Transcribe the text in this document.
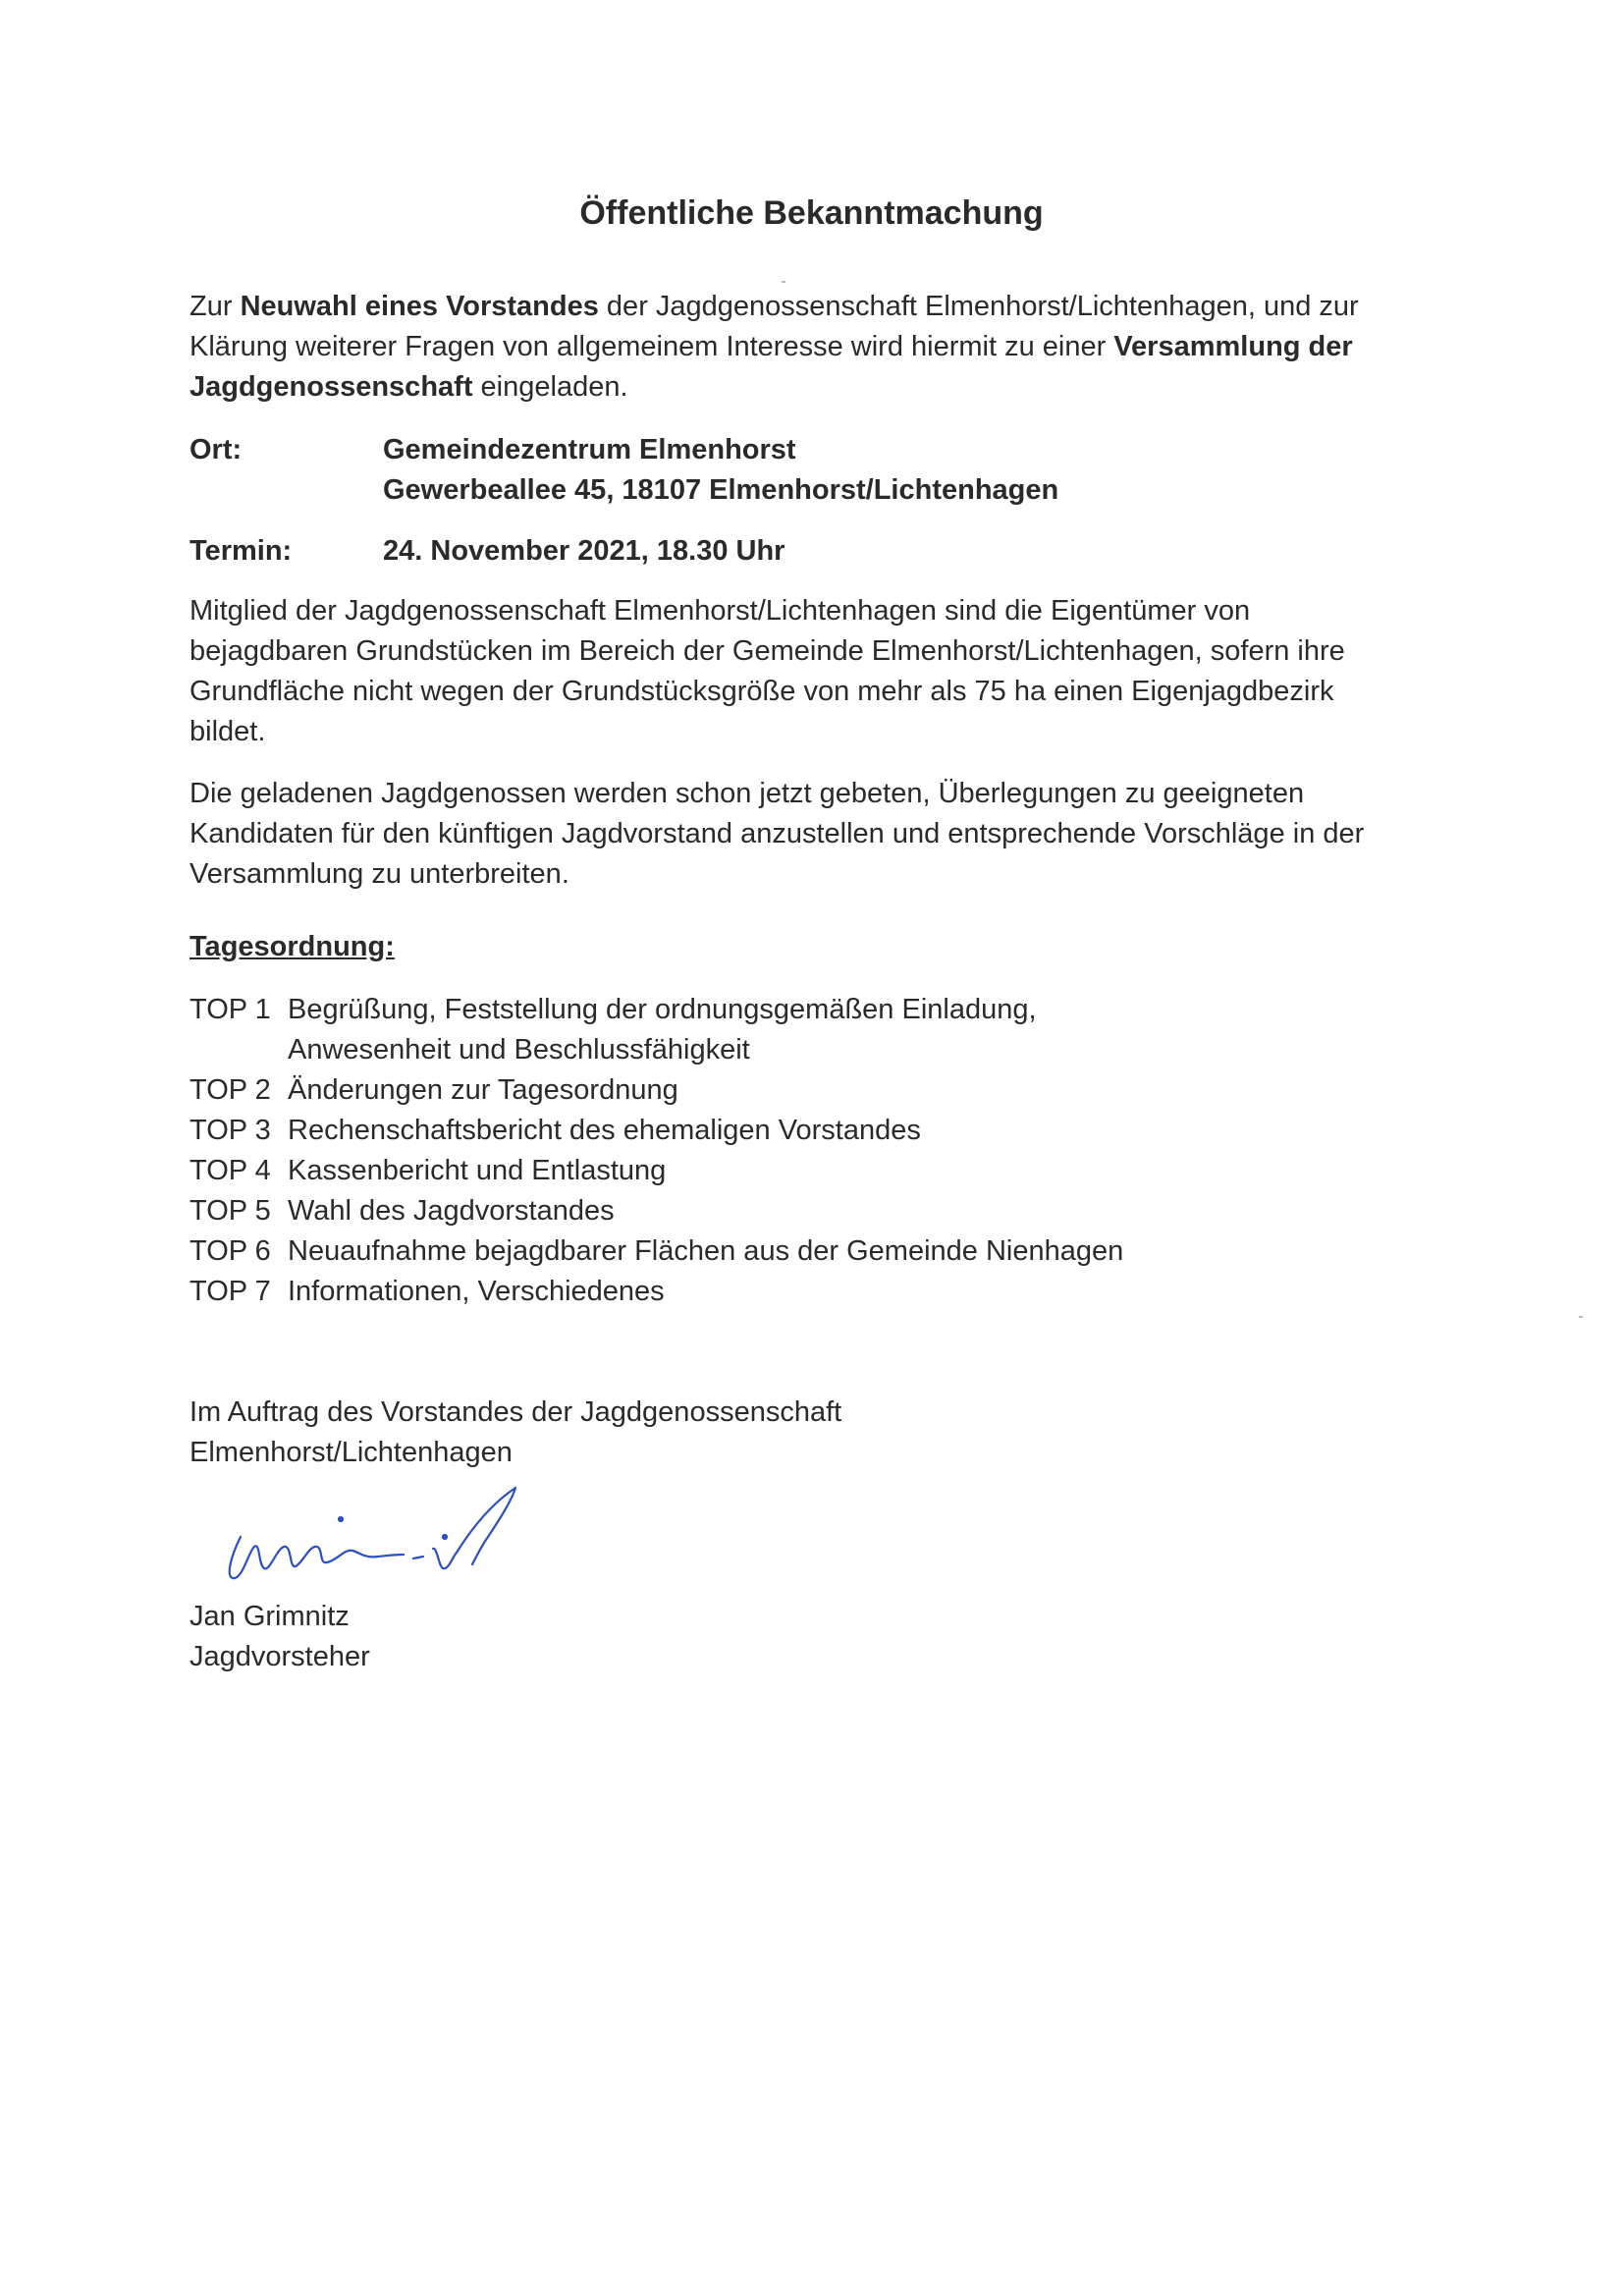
Öffentliche Bekanntmachung

Zur Neuwahl eines Vorstandes der Jagdgenossenschaft Elmenhorst/Lichtenhagen, und zur
Klärung weiterer Fragen von allgemeinem Interesse wird hiermit zu einer Versammlung der
Jagdgenossenschaft eingeladen.

Ort:	Gemeindezentrum Elmenhorst
Gewerbeallee 45, 18107 Elmenhorst/Lichtenhagen
Termin:	24. November 2021, 18.30 Uhr

Mitglied der Jagdgenossenschaft Elmenhorst/Lichtenhagen sind die Eigentümer von
bejagdbaren Grundstücken im Bereich der Gemeinde Elmenhorst/Lichtenhagen, sofern ihre
Grundfläche nicht wegen der Grundstücksgröße von mehr als 75 ha einen Eigenjagdbezirk
bildet.

Die geladenen Jagdgenossen werden schon jetzt gebeten, Überlegungen zu geeigneten
Kandidaten für den künftigen Jagdvorstand anzustellen und entsprechende Vorschläge in der
Versammlung zu unterbreiten.

Tagesordnung:
TOP 1 Begrüßung, Feststellung der ordnungsgemäßen Einladung,
Anwesenheit und Beschlussfähigkeit
TOP 2 Änderungen zur Tagesordnung
TOP 3 Rechenschaftsbericht des ehemaligen Vorstandes
TOP 4 Kassenbericht und Entlastung
TOP 5 Wahl des Jagdvorstandes
TOP 6 Neuaufnahme bejagdbarer Flächen aus der Gemeinde Nienhagen
TOP 7 Informationen, Verschiedenes

Im Auftrag des Vorstandes der Jagdgenossenschaft
Elmenhorst/Lichtenhagen

Jan Grimnitz
Jagdvorsteher
